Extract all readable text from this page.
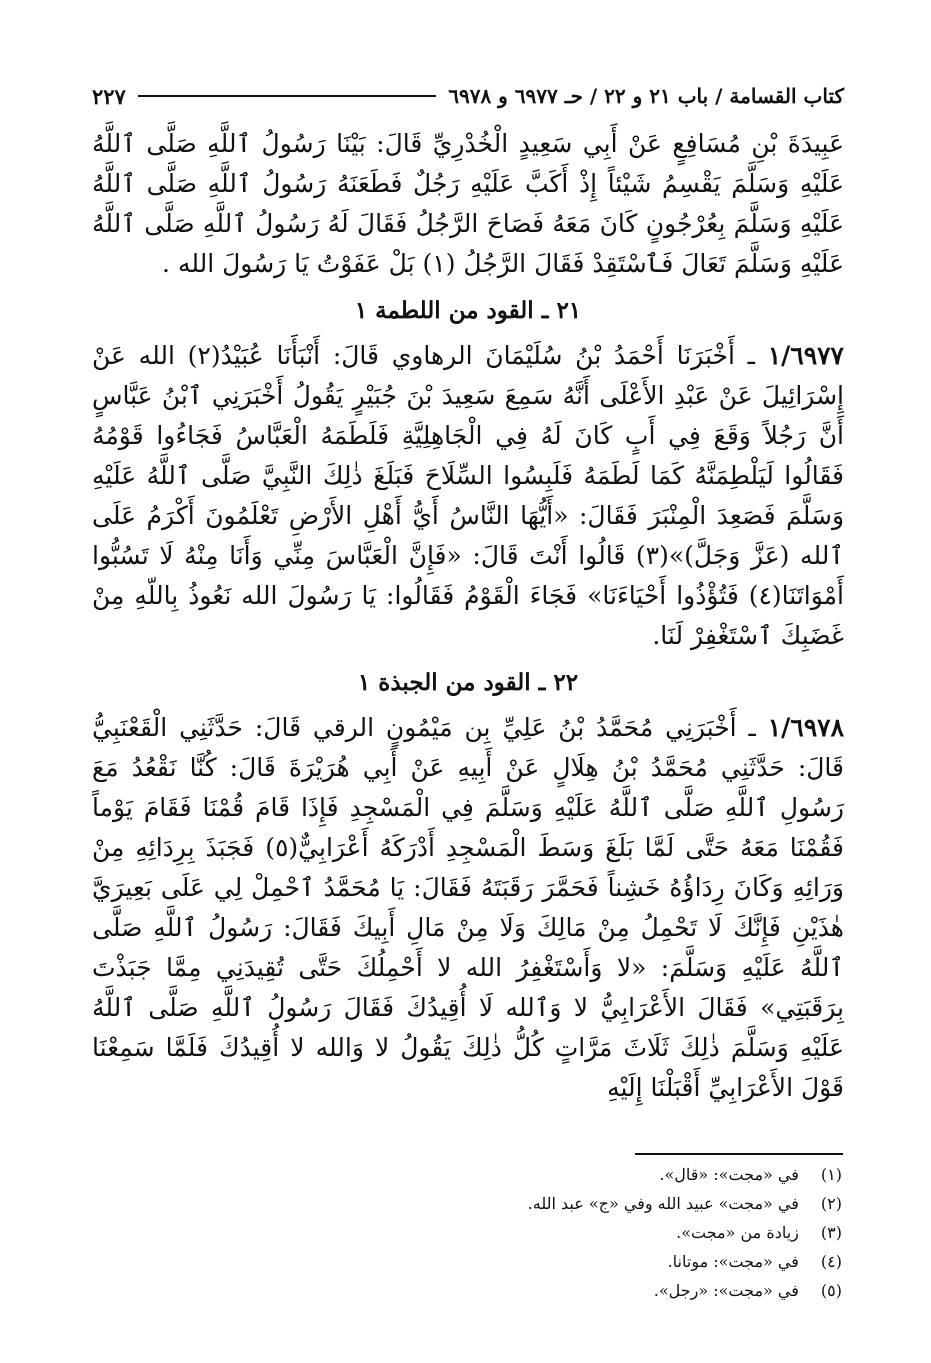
كتاب القسامة / باب ٢١ و ٢٢ / حـ ٦٩٧٧ و ٦٩٧٨
٢٢٧

عَبِيدَةَ بْنِ مُسَافِعٍ عَنْ أَبِي سَعِيدٍ الْخُدْرِيِّ قَالَ: بَيْنَا رَسُولُ ٱللَّهِ صَلَّى ٱللَّهُ عَلَيْهِ وَسَلَّمَ يَقْسِمُ شَيْئاً إِذْ أَكَبَّ عَلَيْهِ رَجُلٌ فَطَعَنَهُ رَسُولُ ٱللَّهِ صَلَّى ٱللَّهُ عَلَيْهِ وَسَلَّمَ بِعُرْجُونٍ كَانَ مَعَهُ فَصَاحَ الرَّجُلُ فَقَالَ لَهُ رَسُولُ ٱللَّهِ صَلَّى ٱللَّهُ عَلَيْهِ وَسَلَّمَ تَعَالَ فَٱسْتَقِدْ فَقَالَ الرَّجُلُ (١) بَلْ عَفَوْتُ يَا رَسُولَ الله .

٢١ ـ القود من اللطمة ١

١/٦٩٧٧ ـ أَخْبَرَنَا أَحْمَدُ بْنُ سُلَيْمَانَ الرهاوي قَالَ: أَنْبَأَنَا عُبَيْدُ(٢) الله عَنْ إِسْرَائِيلَ عَنْ عَبْدِ الأَعْلَى أَنَّهُ سَمِعَ سَعِيدَ بْنَ جُبَيْرٍ يَقُولُ أَخْبَرَنِي ٱبْنُ عَبَّاسٍ أَنَّ رَجُلاً وَقَعَ فِي أَبٍ كَانَ لَهُ فِي الْجَاهِلِيَّةِ فَلَطَمَهُ الْعَبَّاسُ فَجَاءُوا قَوْمُهُ فَقَالُوا لَيَلْطِمَنَّهُ كَمَا لَطَمَهُ فَلَبِسُوا السِّلَاحَ فَبَلَغَ ذٰلِكَ النَّبِيَّ صَلَّى ٱللَّهُ عَلَيْهِ وَسَلَّمَ فَصَعِدَ الْمِنْبَرَ فَقَالَ: «أَيُّهَا النَّاسُ أَيُّ أَهْلِ الأَرْضِ تَعْلَمُونَ أَكْرَمُ عَلَى ٱلله (عَزَّ وَجَلَّ)»(٣) قَالُوا أَنْتَ قَالَ: «فَإِنَّ الْعَبَّاسَ مِنِّي وَأَنَا مِنْهُ لَا تَسُبُّوا أَمْوَاتَنَا(٤) فَتُؤْذُوا أَحْيَاءَنَا» فَجَاءَ الْقَوْمُ فَقَالُوا: يَا رَسُولَ الله نَعُوذُ بِاللّهِ مِنْ غَضَبِكَ ٱسْتَغْفِرْ لَنَا.

٢٢ ـ القود من الجبذة ١

١/٦٩٧٨ ـ أَخْبَرَنِي مُحَمَّدُ بْنُ عَلِيِّ بِن مَيْمُونٍ الرقي قَالَ: حَدَّثَنِي الْقَعْنَبِيُّ قَالَ: حَدَّثَنِي مُحَمَّدُ بْنُ هِلَالٍ عَنْ أَبِيهِ عَنْ أَبِي هُرَيْرَةَ قَالَ: كُنَّا نَقْعُدُ مَعَ رَسُولِ ٱللَّهِ صَلَّى ٱللَّهُ عَلَيْهِ وَسَلَّمَ فِي الْمَسْجِدِ فَإِذَا قَامَ قُمْنَا فَقَامَ يَوْماً فَقُمْنَا مَعَهُ حَتَّى لَمَّا بَلَغَ وَسَطَ الْمَسْجِدِ أَدْرَكَهُ أَعْرَابِيٌّ(٥) فَجَبَذَ بِرِدَائِهِ مِنْ وَرَائِهِ وَكَانَ رِدَاؤُهُ خَشِناً فَحَمَّرَ رَقَبَتَهُ فَقَالَ: يَا مُحَمَّدُ ٱحْمِلْ لِي عَلَى بَعِيرَيَّ هٰذَيْنِ فَإِنَّكَ لَا تَحْمِلُ مِنْ مَالِكَ وَلَا مِنْ مَالِ أَبِيكَ فَقَالَ: رَسُولُ ٱللَّهِ صَلَّى ٱللَّهُ عَلَيْهِ وَسَلَّمَ: «لا وَأَسْتَغْفِرُ الله لا أَحْمِلُكَ حَتَّى تُقِيدَنِي مِمَّا جَبَذْتَ بِرَقَبَتِي» فَقَالَ الأَعْرَابِيُّ لا وَٱلله لَا أُقِيدُكَ فَقَالَ رَسُولُ ٱللَّهِ صَلَّى ٱللَّهُ عَلَيْهِ وَسَلَّمَ ذٰلِكَ ثَلَاثَ مَرَّاتٍ كُلُّ ذٰلِكَ يَقُولُ لا وَالله لا أُقِيدُكَ فَلَمَّا سَمِعْنَا قَوْلَ الأَعْرَابِيِّ أَقْبَلْنَا إِلَيْهِ

(١) في «مجت»: «قال».
(٢) في «مجت» عبيد الله وفي «ج» عبد الله.
(٣) زيادة من «مجت».
(٤) في «مجت»: موتانا.
(٥) في «مجت»: «رجل».
